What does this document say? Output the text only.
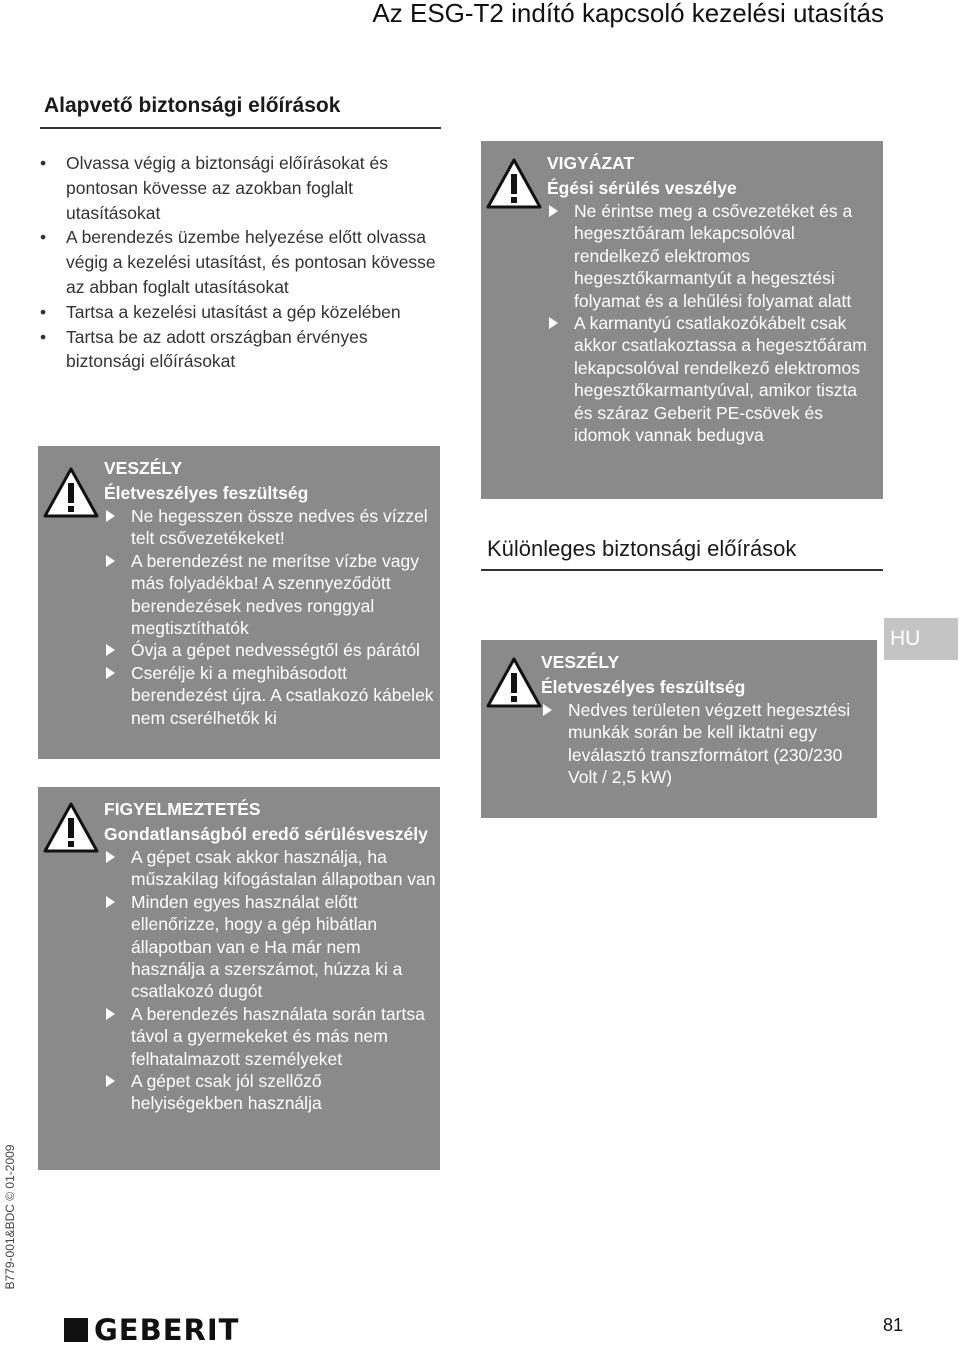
Az ESG-T2 indító kapcsoló kezelési utasítás
Alapvető biztonsági előírások
• Olvassa végig a biztonsági előírásokat és pontosan kövesse az azokban foglalt utasításokat
• A berendezés üzembe helyezése előtt olvassa végig a kezelési utasítást, és pontosan kövesse az abban foglalt utasításokat
• Tartsa a kezelési utasítást a gép közelében
• Tartsa be az adott országban érvényes biztonsági előírásokat
VESZÉLY
Életveszélyes feszültség
Ne hegesszen össze nedves és vízzel telt csővezetékeket!
A berendezést ne merítse vízbe vagy más folyadékba! A szennyeződött berendezések nedves ronggyal megtisztíthatók
Óvja a gépet nedvességtől és párától
Cserélje ki a meghibásodott berendezést újra. A csatlakozó kábelek nem cserélhetők ki
FIGYELMEZTETÉS
Gondatlanságból eredő sérülésveszély
A gépet csak akkor használja, ha műszakilag kifogástalan állapotban van
Minden egyes használat előtt ellenőrizze, hogy a gép hibátlan állapotban van e Ha már nem használja a szerszámot, húzza ki a csatlakozó dugót
A berendezés használata során tartsa távol a gyermekeket és más nem felhatalmazott személyeket
A gépet csak jól szellőző helyiségekben használja
VIGYÁZAT
Égési sérülés veszélye
Ne érintse meg a csővezetéket és a hegesztőáram lekapcsolóval rendelkező elektromos hegesztőkarmantyút a hegesztési folyamat és a lehűlési folyamat alatt
A karmantyú csatlakozókábelt csak akkor csatlakoztassa a hegesztőáram lekapcsolóval rendelkező elektromos hegesztőkarmantyúval, amikor tiszta és száraz Geberit PE-csövek és idomok vannak bedugva
Különleges biztonsági előírások
HU
VESZÉLY
Életveszélyes feszültség
Nedves területen végzett hegesztési munkák során be kell iktatni egy leválasztó transzformátort (230/230 Volt / 2,5 kW)
B779-001&BDC © 01-2009
GEBERIT	81
